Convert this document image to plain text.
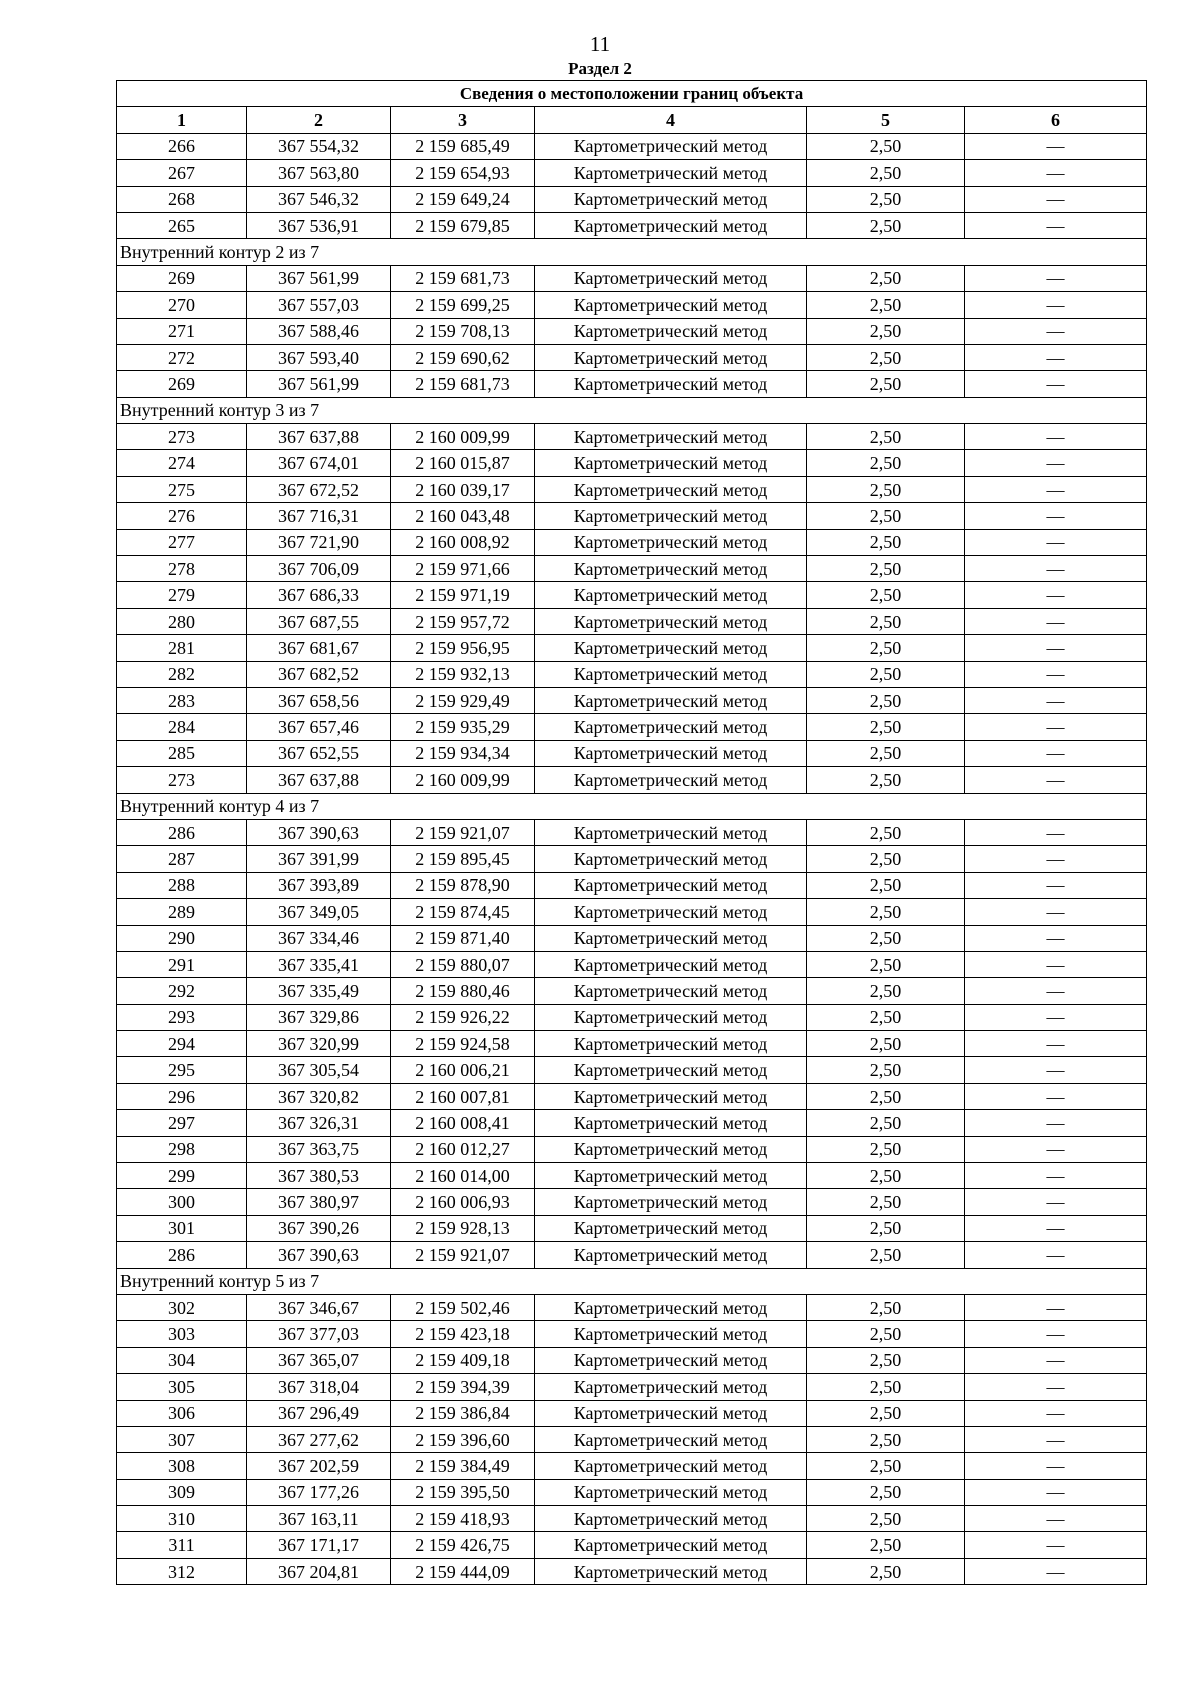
11
Раздел 2
Сведения о местоположении границ объекта					
1	2	3	4	5	6
266	367 554,32	2 159 685,49	Картометрический метод	2,50	—
267	367 563,80	2 159 654,93	Картометрический метод	2,50	—
268	367 546,32	2 159 649,24	Картометрический метод	2,50	—
265	367 536,91	2 159 679,85	Картометрический метод	2,50	—
Внутренний контур 2 из 7					
269	367 561,99	2 159 681,73	Картометрический метод	2,50	—
270	367 557,03	2 159 699,25	Картометрический метод	2,50	—
271	367 588,46	2 159 708,13	Картометрический метод	2,50	—
272	367 593,40	2 159 690,62	Картометрический метод	2,50	—
269	367 561,99	2 159 681,73	Картометрический метод	2,50	—
Внутренний контур 3 из 7					
273	367 637,88	2 160 009,99	Картометрический метод	2,50	—
274	367 674,01	2 160 015,87	Картометрический метод	2,50	—
275	367 672,52	2 160 039,17	Картометрический метод	2,50	—
276	367 716,31	2 160 043,48	Картометрический метод	2,50	—
277	367 721,90	2 160 008,92	Картометрический метод	2,50	—
278	367 706,09	2 159 971,66	Картометрический метод	2,50	—
279	367 686,33	2 159 971,19	Картометрический метод	2,50	—
280	367 687,55	2 159 957,72	Картометрический метод	2,50	—
281	367 681,67	2 159 956,95	Картометрический метод	2,50	—
282	367 682,52	2 159 932,13	Картометрический метод	2,50	—
283	367 658,56	2 159 929,49	Картометрический метод	2,50	—
284	367 657,46	2 159 935,29	Картометрический метод	2,50	—
285	367 652,55	2 159 934,34	Картометрический метод	2,50	—
273	367 637,88	2 160 009,99	Картометрический метод	2,50	—
Внутренний контур 4 из 7					
286	367 390,63	2 159 921,07	Картометрический метод	2,50	—
287	367 391,99	2 159 895,45	Картометрический метод	2,50	—
288	367 393,89	2 159 878,90	Картометрический метод	2,50	—
289	367 349,05	2 159 874,45	Картометрический метод	2,50	—
290	367 334,46	2 159 871,40	Картометрический метод	2,50	—
291	367 335,41	2 159 880,07	Картометрический метод	2,50	—
292	367 335,49	2 159 880,46	Картометрический метод	2,50	—
293	367 329,86	2 159 926,22	Картометрический метод	2,50	—
294	367 320,99	2 159 924,58	Картометрический метод	2,50	—
295	367 305,54	2 160 006,21	Картометрический метод	2,50	—
296	367 320,82	2 160 007,81	Картометрический метод	2,50	—
297	367 326,31	2 160 008,41	Картометрический метод	2,50	—
298	367 363,75	2 160 012,27	Картометрический метод	2,50	—
299	367 380,53	2 160 014,00	Картометрический метод	2,50	—
300	367 380,97	2 160 006,93	Картометрический метод	2,50	—
301	367 390,26	2 159 928,13	Картометрический метод	2,50	—
286	367 390,63	2 159 921,07	Картометрический метод	2,50	—
Внутренний контур 5 из 7					
302	367 346,67	2 159 502,46	Картометрический метод	2,50	—
303	367 377,03	2 159 423,18	Картометрический метод	2,50	—
304	367 365,07	2 159 409,18	Картометрический метод	2,50	—
305	367 318,04	2 159 394,39	Картометрический метод	2,50	—
306	367 296,49	2 159 386,84	Картометрический метод	2,50	—
307	367 277,62	2 159 396,60	Картометрический метод	2,50	—
308	367 202,59	2 159 384,49	Картометрический метод	2,50	—
309	367 177,26	2 159 395,50	Картометрический метод	2,50	—
310	367 163,11	2 159 418,93	Картометрический метод	2,50	—
311	367 171,17	2 159 426,75	Картометрический метод	2,50	—
312	367 204,81	2 159 444,09	Картометрический метод	2,50	—
